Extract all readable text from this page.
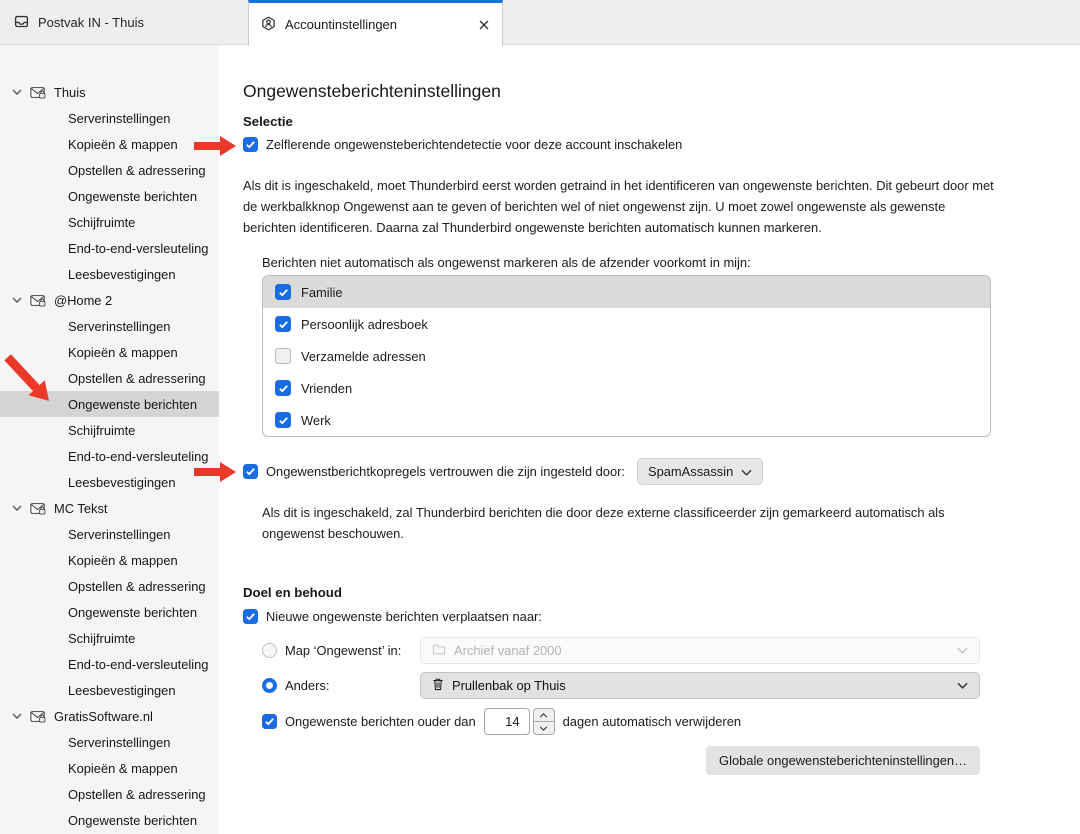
Postvak IN - Thuis	Accountinstellingen
Thuis
Serverinstellingen
Kopieën & mappen
Opstellen & adressering
Ongewenste berichten
Schijfruimte
End-to-end-versleuteling
Leesbevestigingen
@Home 2
Serverinstellingen
Kopieën & mappen
Opstellen & adressering
Ongewenste berichten
Schijfruimte
End-to-end-versleuteling
Leesbevestigingen
MC Tekst
Serverinstellingen
Kopieën & mappen
Opstellen & adressering
Ongewenste berichten
Schijfruimte
End-to-end-versleuteling
Leesbevestigingen
GratisSoftware.nl
Serverinstellingen
Kopieën & mappen
Opstellen & adressering
Ongewenste berichten
Ongewensteberichteninstellingen
Selectie
Zelflerende ongewensteberichtendetectie voor deze account inschakelen

Als dit is ingeschakeld, moet Thunderbird eerst worden getraind in het identificeren van ongewenste berichten. Dit gebeurt door met de werkbalkknop Ongewenst aan te geven of berichten wel of niet ongewenst zijn. U moet zowel ongewenste als gewenste berichten identificeren. Daarna zal Thunderbird ongewenste berichten automatisch kunnen markeren.

Berichten niet automatisch als ongewenst markeren als de afzender voorkomt in mijn:
Familie
Persoonlijk adresboek
Verzamelde adressen
Vrienden
Werk
Ongewenstberichtkopregels vertrouwen die zijn ingesteld door: SpamAssassin

Als dit is ingeschakeld, zal Thunderbird berichten die door deze externe classificeerder zijn gemarkeerd automatisch als ongewenst beschouwen.

Doel en behoud
Nieuwe ongewenste berichten verplaatsen naar:
Map ‘Ongewenst’ in:	Archief vanaf 2000
Anders:	Prullenbak op Thuis
Ongewenste berichten ouder dan	14	dagen automatisch verwijderen
Globale ongewensteberichteninstellingen…
